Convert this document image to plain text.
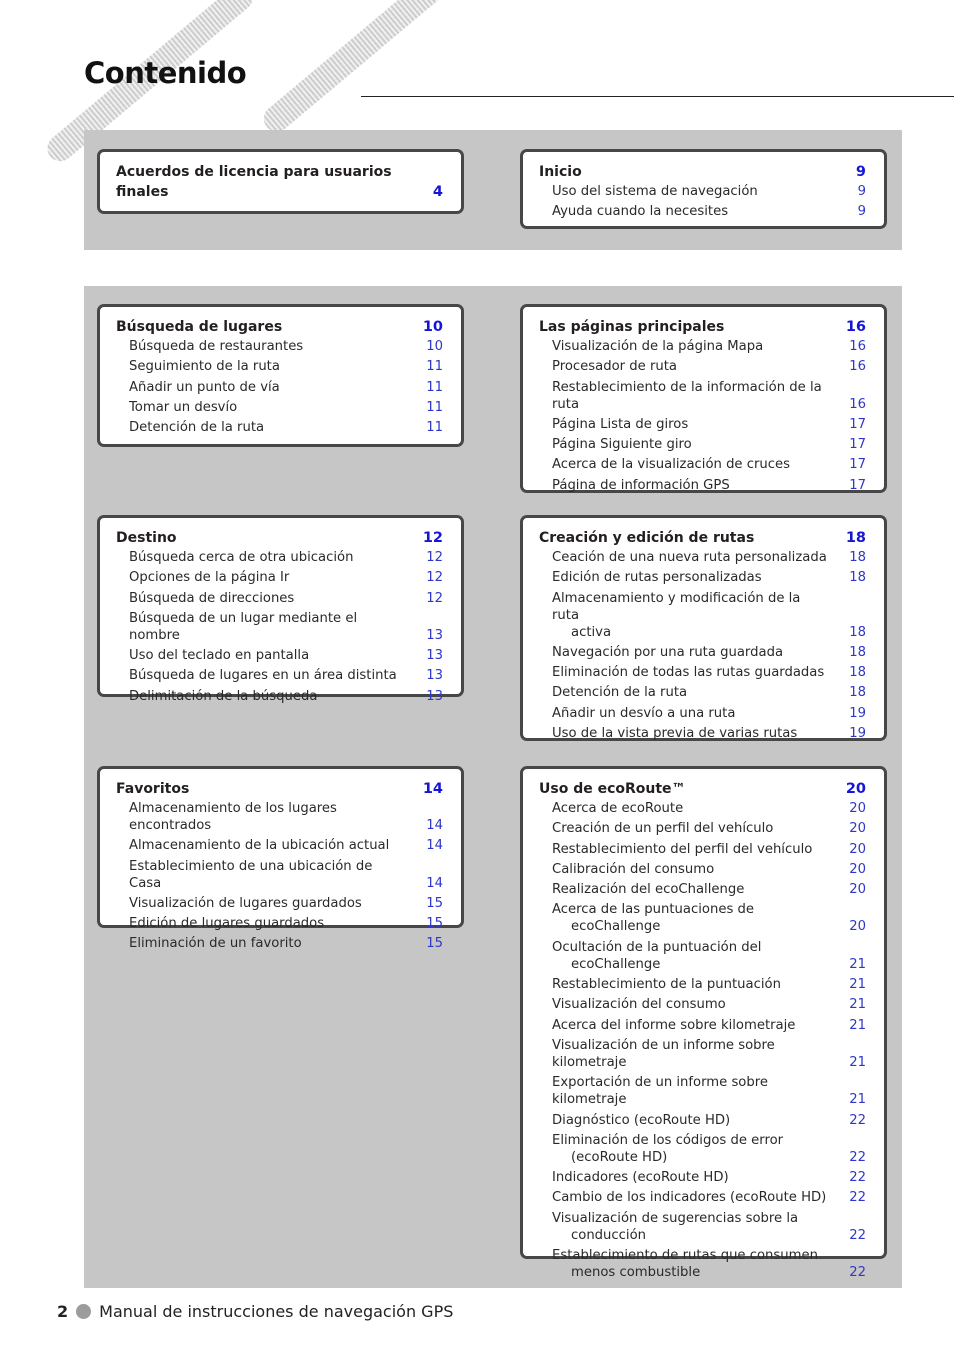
Contenido
Acuerdos de licencia para usuarios finales	4
Inicio	9
Uso del sistema de navegación	9
Ayuda cuando la necesites	9
Búsqueda de lugares	10
Búsqueda de restaurantes	10
Seguimiento de la ruta	11
Añadir un punto de vía	11
Tomar un desvío	11
Detención de la ruta	11
Las páginas principales	16
Visualización de la página Mapa	16
Procesador de ruta	16
Restablecimiento de la información de la ruta	16
Página Lista de giros	17
Página Siguiente giro	17
Acerca de la visualización de cruces	17
Página de información GPS	17
Destino	12
Búsqueda cerca de otra ubicación	12
Opciones de la página Ir	12
Búsqueda de direcciones	12
Búsqueda de un lugar mediante el nombre	13
Uso del teclado en pantalla	13
Búsqueda de lugares en un área distinta 13
Delimitación de la búsqueda	13
Creación y edición de rutas	18
Ceación de una nueva ruta personalizada 18
Edición de rutas personalizadas	18
Almacenamiento y modificación de la ruta
activa	18
Navegación por una ruta guardada	18
Eliminación de todas las rutas guardadas 18
Detención de la ruta	18
Añadir un desvío a una ruta	19
Uso de la vista previa de varias rutas	19
Favoritos	14
Almacenamiento de los lugares encontrados	14
Almacenamiento de la ubicación actual	14
Establecimiento de una ubicación de Casa	14
Visualización de lugares guardados	15
Edición de lugares guardados	15
Eliminación de un favorito	15
Uso de ecoRoute™	20
Acerca de ecoRoute	20
Creación de un perfil del vehículo	20
Restablecimiento del perfil del vehículo	20
Calibración del consumo	20
Realización del ecoChallenge	20
Acerca de las puntuaciones de
ecoChallenge	20
Ocultación de la puntuación del
ecoChallenge	21
Restablecimiento de la puntuación	21
Visualización del consumo	21
Acerca del informe sobre kilometraje	21
Visualización de un informe sobre kilometraje	21
Exportación de un informe sobre kilometraje	21
Diagnóstico (ecoRoute HD)	22
Eliminación de los códigos de error
(ecoRoute HD)	22
Indicadores (ecoRoute HD)	22
Cambio de los indicadores (ecoRoute HD) 22
Visualización de sugerencias sobre la
conducción	22
Establecimiento de rutas que consumen
menos combustible	22
2 Manual de instrucciones de navegación GPS
